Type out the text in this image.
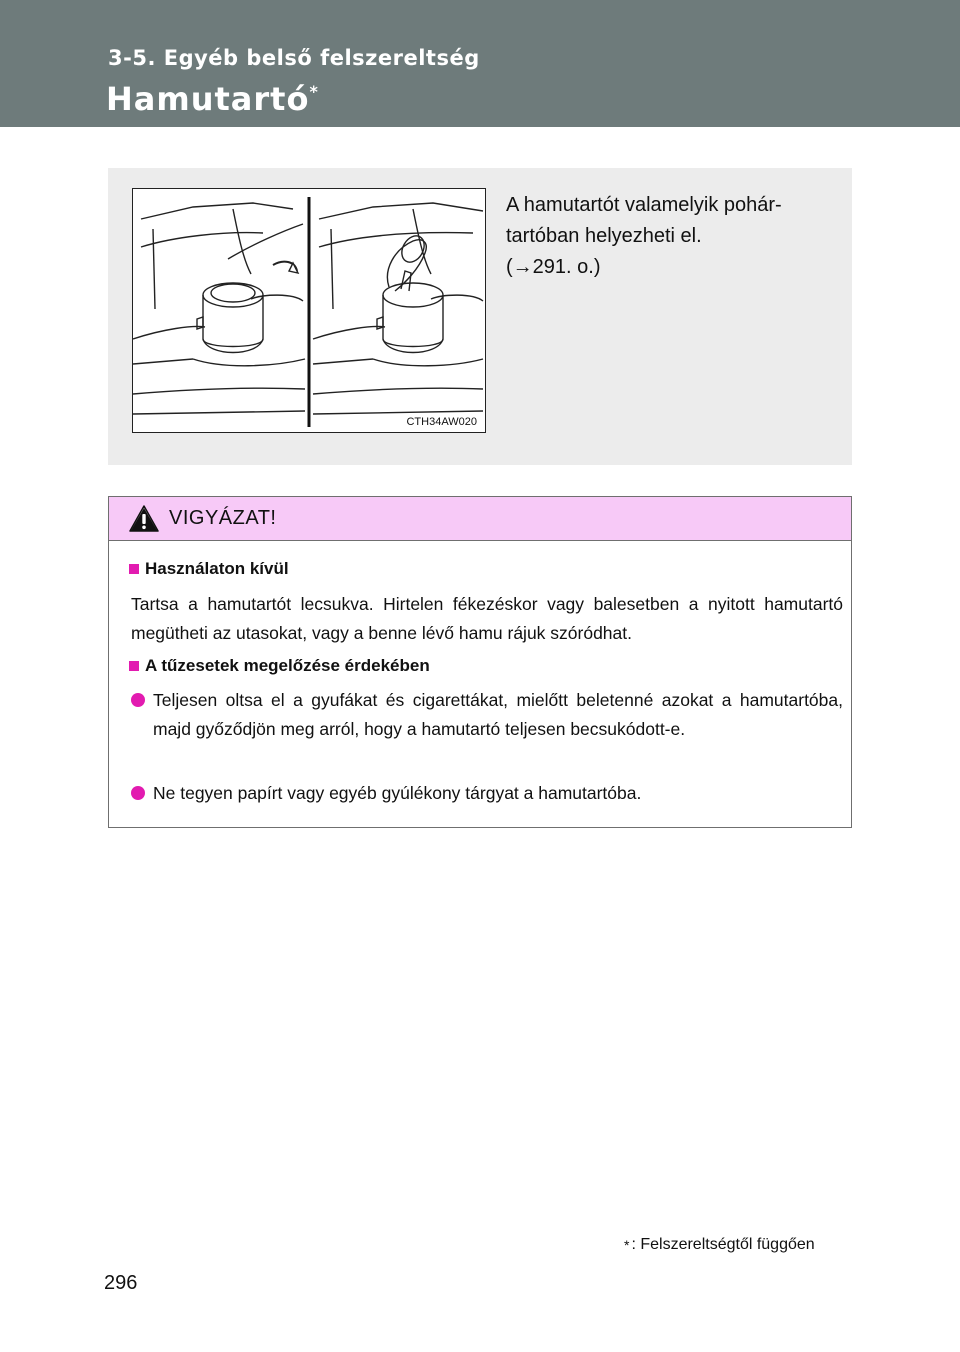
3-5. Egyéb belső felszereltség
Hamutartó*
CTH34AW020

A hamutartót valamelyik pohár-

tartóban helyezheti el.

(→291. o.)

VIGYÁZAT!
Használaton kívül
Tartsa a hamutartót lecsukva. Hirtelen fékezéskor vagy balesetben a nyitott hamutartó megütheti az utasokat, vagy a benne lévő hamu rájuk szóródhat.
A tűzesetek megelőzése érdekében
Teljesen oltsa el a gyufákat és cigarettákat, mielőtt beletenné azokat a hamutartóba, majd győződjön meg arról, hogy a hamutartó teljesen becsukódott-e.
Ne tegyen papírt vagy egyéb gyúlékony tárgyat a hamutartóba.
* : Felszereltségtől függően
296
